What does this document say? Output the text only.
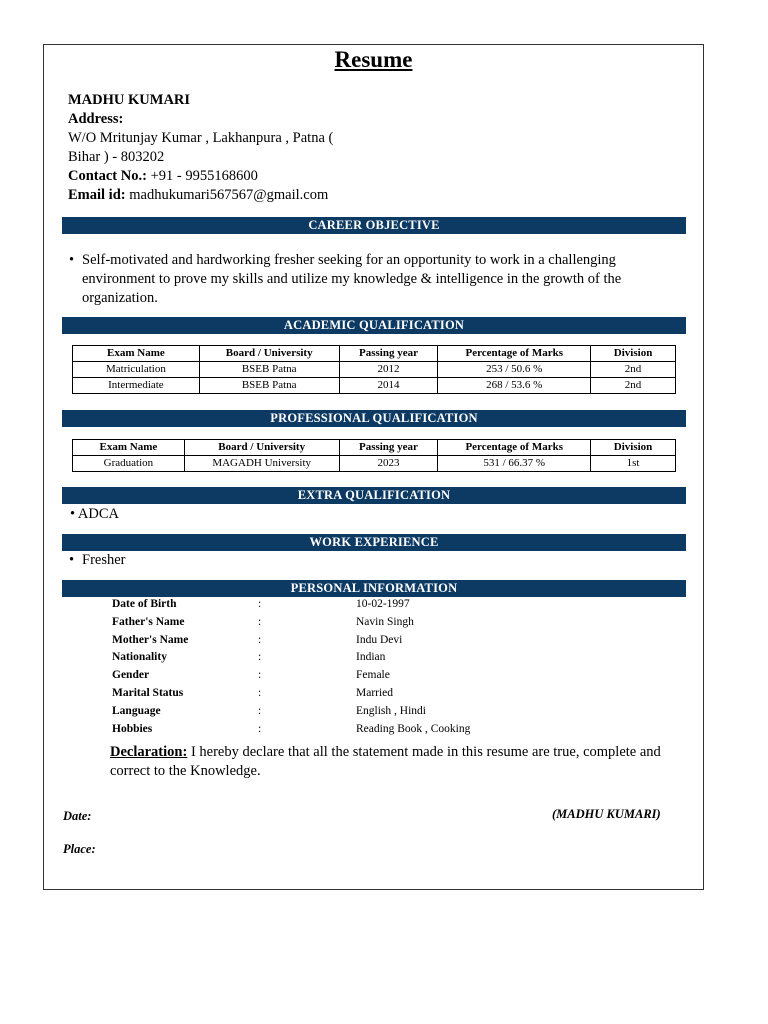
Resume
MADHU KUMARI
Address:
W/O Mritunjay Kumar , Lakhanpura , Patna (
Bihar ) - 803202
Contact No.: +91 - 9955168600
Email id: madhukumari567567@gmail.com
CAREER OBJECTIVE
• Self-motivated and hardworking fresher seeking for an opportunity to work in a challenging environment to prove my skills and utilize my knowledge & intelligence in the growth of the organization.
ACADEMIC QUALIFICATION
Exam Name	Board / University	Passing year	Percentage of Marks	Division
Matriculation	BSEB Patna	2012	253 / 50.6 %	2nd
Intermediate	BSEB Patna	2014	268 / 53.6 %	2nd
PROFESSIONAL QUALIFICATION
Exam Name	Board / University	Passing year	Percentage of Marks	Division
Graduation	MAGADH University	2023	531 / 66.37 %	1st
EXTRA QUALIFICATION
• ADCA
WORK EXPERIENCE
• Fresher
PERSONAL INFORMATION
Date of Birth	:	10-02-1997
Father's Name	:	Navin Singh
Mother's Name	:	Indu Devi
Nationality	:	Indian
Gender	:	Female
Marital Status	:	Married
Language	:	English , Hindi
Hobbies	:	Reading Book , Cooking
Declaration: I hereby declare that all the statement made in this resume are true, complete and correct to the Knowledge.
Date:	(MADHU KUMARI)
Place:
